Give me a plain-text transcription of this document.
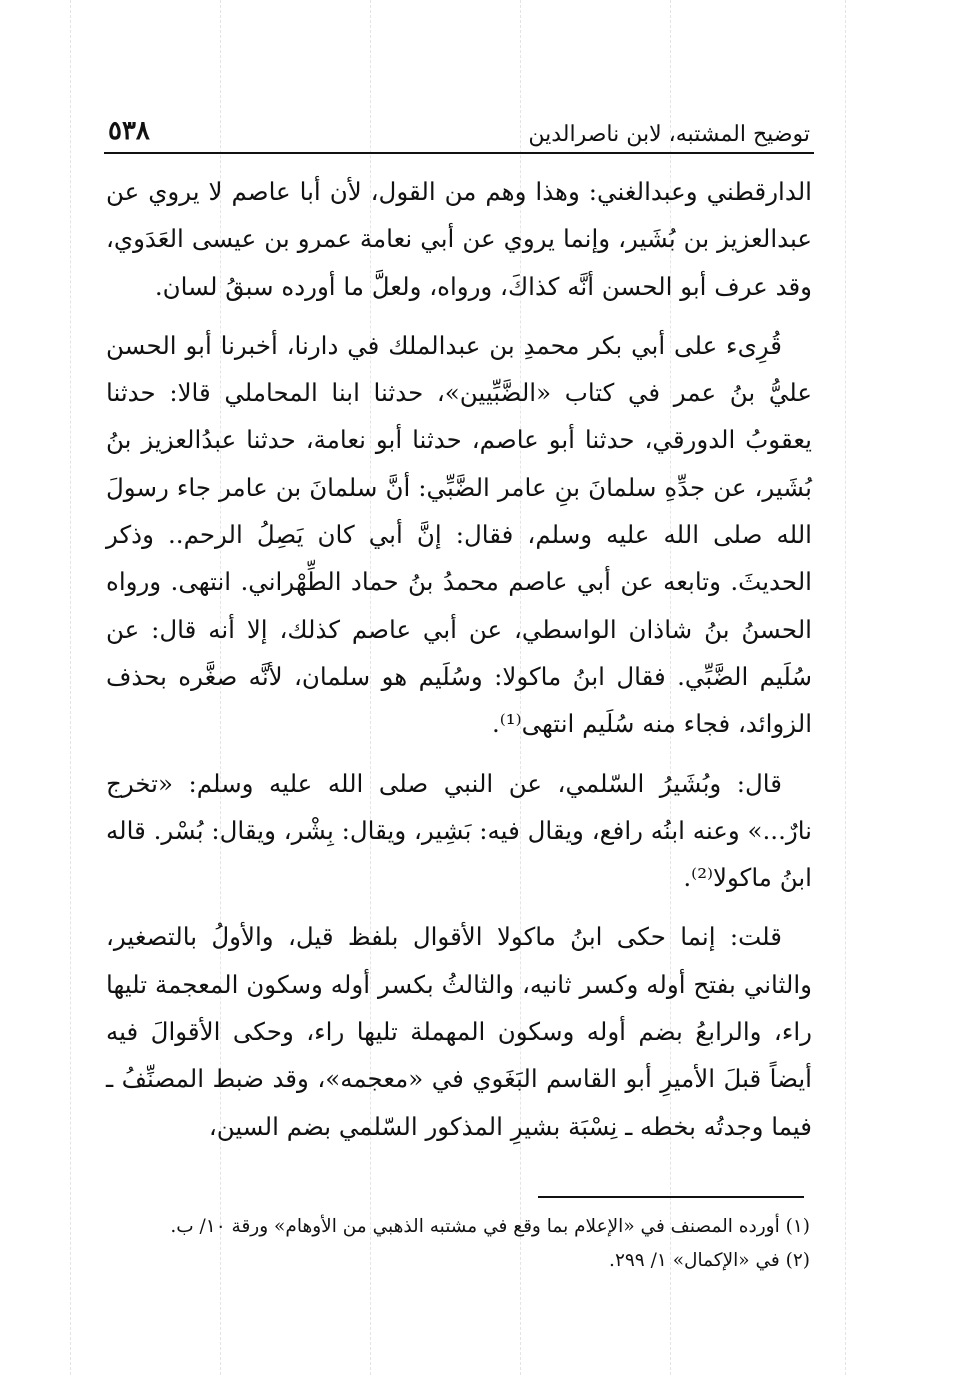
توضيح المشتبه، لابن ناصرالدين
٥٣٨

الدارقطني وعبدالغني: وهذا وهم من القول، لأن أبا عاصم لا يروي عن عبدالعزيز بن بُشَير، وإنما يروي عن أبي نعامة عمرو بن عيسى العَدَوي، وقد عرف أبو الحسن أنَّه كذاكَ، ورواه، ولعلَّ ما أورده سبقُ لسان.

قُرِىء على أبي بكر محمدِ بن عبدالملك في دارنا، أخبرنا أبو الحسن عليُّ بنُ عمر في كتاب «الضَّبِّيين»، حدثنا ابنا المحاملي قالا: حدثنا يعقوبُ الدورقي، حدثنا أبو عاصم، حدثنا أبو نعامة، حدثنا عبدُالعزيز بنُ بُشَير، عن جدِّهِ سلمانَ بنِ عامر الضَّبِّي: أنَّ سلمانَ بن عامر جاء رسولَ الله صلى الله عليه وسلم، فقال: إنَّ أبي كان يَصِلُ الرحم.. وذكر الحديثَ. وتابعه عن أبي عاصم محمدُ بنُ حماد الطِّهْراني. انتهى. ورواه الحسنُ بنُ شاذان الواسطي، عن أبي عاصم كذلك، إلا أنه قال: عن سُلَيم الضَّبِّي. فقال ابنُ ماكولا: وسُلَيم هو سلمان، لأنَّه صغَّره بحذف الزوائد، فجاء منه سُلَيم انتهى⁽¹⁾.

قال: وبُشَيرُ السّلمي، عن النبي صلى الله عليه وسلم: «تخرج نارٌ...» وعنه ابنُه رافع، ويقال فيه: بَشِير، ويقال: بِشْر، ويقال: بُسْر. قاله ابنُ ماكولا⁽²⁾.

قلت: إنما حكى ابنُ ماكولا الأقوال بلفظ قيل، والأولُ بالتصغير، والثاني بفتح أوله وكسر ثانيه، والثالثُ بكسر أوله وسكون المعجمة تليها راء، والرابعُ بضم أوله وسكون المهملة تليها راء، وحكى الأقوالَ فيه أيضاً قبلَ الأميرِ أبو القاسم البَغَوي في «معجمه»، وقد ضبط المصنِّفُ ـ فيما وجدتُه بخطه ـ نِسْبَة بشيرِ المذكور السّلمي بضم السين،

(١) أورده المصنف في «الإعلام بما وقع في مشتبه الذهبي من الأوهام» ورقة ١٠/ ب.
(٢) في «الإكمال» ١/ ٢٩٩.
